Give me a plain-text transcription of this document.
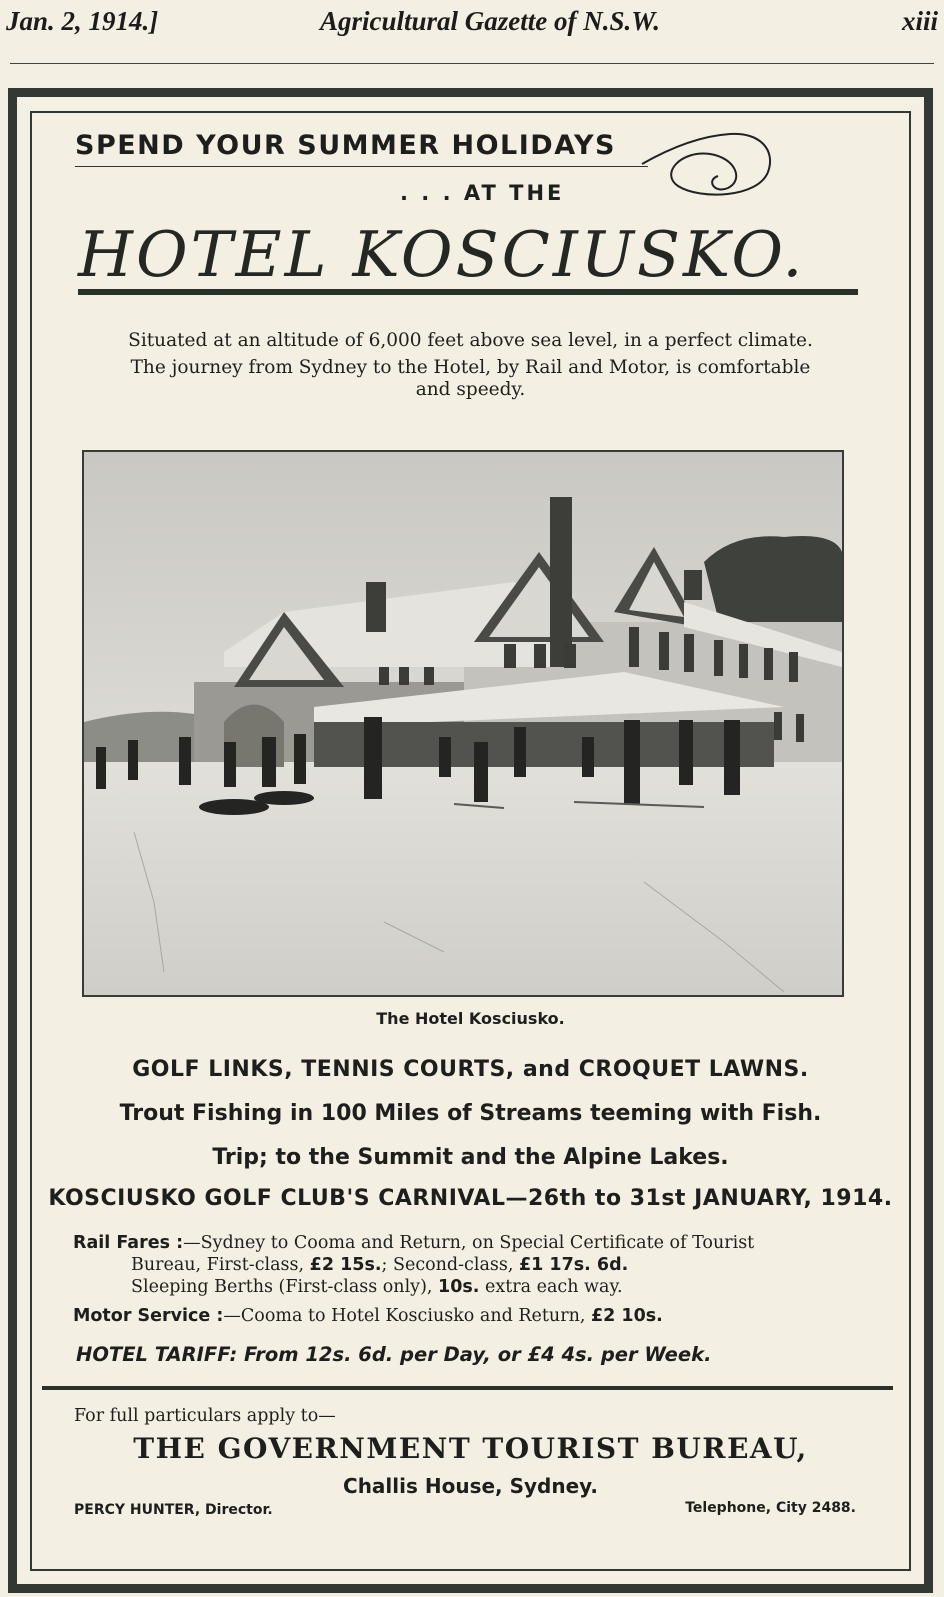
Jan. 2, 1914.]	Agricultural Gazette of N.S.W.	xiii
SPEND YOUR SUMMER HOLIDAYS
. . . AT THE
HOTEL KOSCIUSKO.
Situated at an altitude of 6,000 feet above sea level, in a perfect climate.
The journey from Sydney to the Hotel, by Rail and Motor, is comfortable
and speedy.
The Hotel Kosciusko.
GOLF LINKS, TENNIS COURTS, and CROQUET LAWNS.
Trout Fishing in 100 Miles of Streams teeming with Fish.
Trip; to the Summit and the Alpine Lakes.
KOSCIUSKO GOLF CLUB'S CARNIVAL—26th to 31st JANUARY, 1914.
Rail Fares :—Sydney to Cooma and Return, on Special Certificate of Tourist
Bureau, First-class, £2 15s.; Second-class, £1 17s. 6d.
Sleeping Berths (First-class only), 10s. extra each way.
Motor Service :—Cooma to Hotel Kosciusko and Return, £2 10s.
HOTEL TARIFF: From 12s. 6d. per Day, or £4 4s. per Week.
For full particulars apply to—
THE GOVERNMENT TOURIST BUREAU,
Challis House, Sydney.
PERCY HUNTER, Director.	Telephone, City 2488.
